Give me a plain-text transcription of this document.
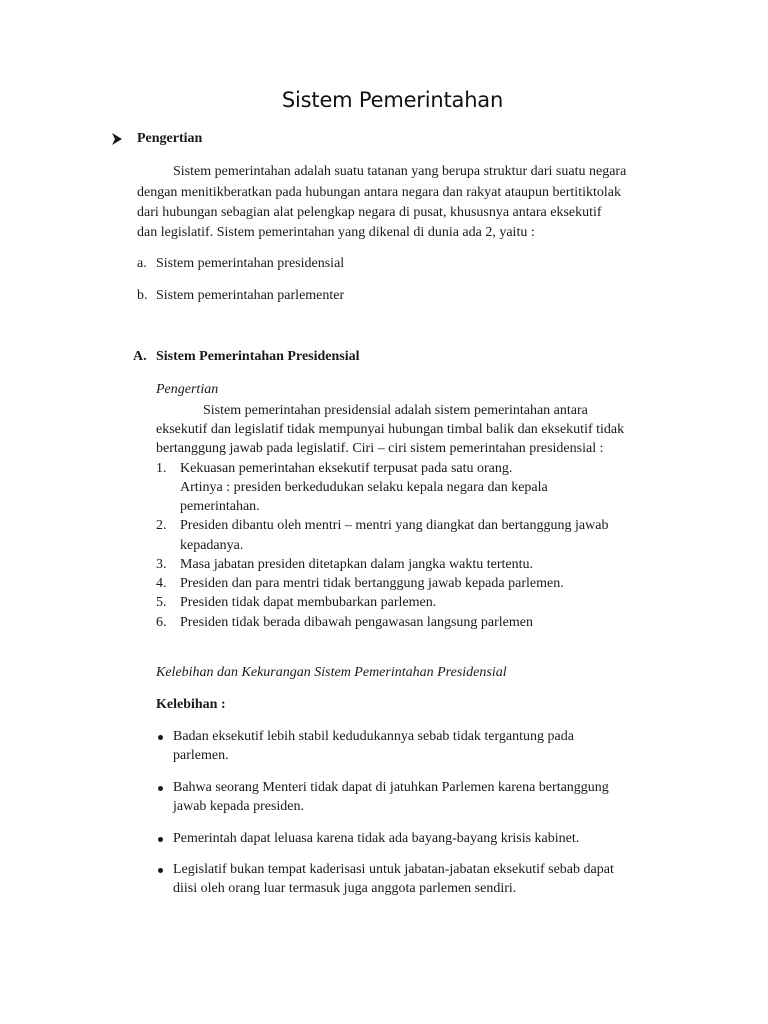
Sistem Pemerintahan
Pengertian
Sistem pemerintahan adalah suatu tatanan yang berupa struktur dari suatu negara
dengan menitikberatkan pada hubungan antara negara dan rakyat ataupun bertitiktolak
dari hubungan sebagian alat pelengkap negara di pusat, khususnya antara eksekutif
dan legislatif. Sistem pemerintahan yang dikenal di dunia ada 2, yaitu :
a. Sistem pemerintahan presidensial
b. Sistem pemerintahan parlementer
A. Sistem Pemerintahan Presidensial
Pengertian
Sistem pemerintahan presidensial adalah sistem pemerintahan antara
eksekutif dan legislatif tidak mempunyai hubungan timbal balik dan eksekutif tidak
bertanggung jawab pada legislatif. Ciri – ciri sistem pemerintahan presidensial :
1. Kekuasan pemerintahan eksekutif terpusat pada satu orang.
Artinya : presiden berkedudukan selaku kepala negara dan kepala
pemerintahan.
2. Presiden dibantu oleh mentri – mentri yang diangkat dan bertanggung jawab
kepadanya.
3. Masa jabatan presiden ditetapkan dalam jangka waktu tertentu.
4. Presiden dan para mentri tidak bertanggung jawab kepada parlemen.
5. Presiden tidak dapat membubarkan parlemen.
6. Presiden tidak berada dibawah pengawasan langsung parlemen
Kelebihan dan Kekurangan Sistem Pemerintahan Presidensial
Kelebihan :
Badan eksekutif lebih stabil kedudukannya sebab tidak tergantung pada
parlemen.
Bahwa seorang Menteri tidak dapat di jatuhkan Parlemen karena bertanggung
jawab kepada presiden.
Pemerintah dapat leluasa karena tidak ada bayang-bayang krisis kabinet.
Legislatif bukan tempat kaderisasi untuk jabatan-jabatan eksekutif sebab dapat
diisi oleh orang luar termasuk juga anggota parlemen sendiri.
